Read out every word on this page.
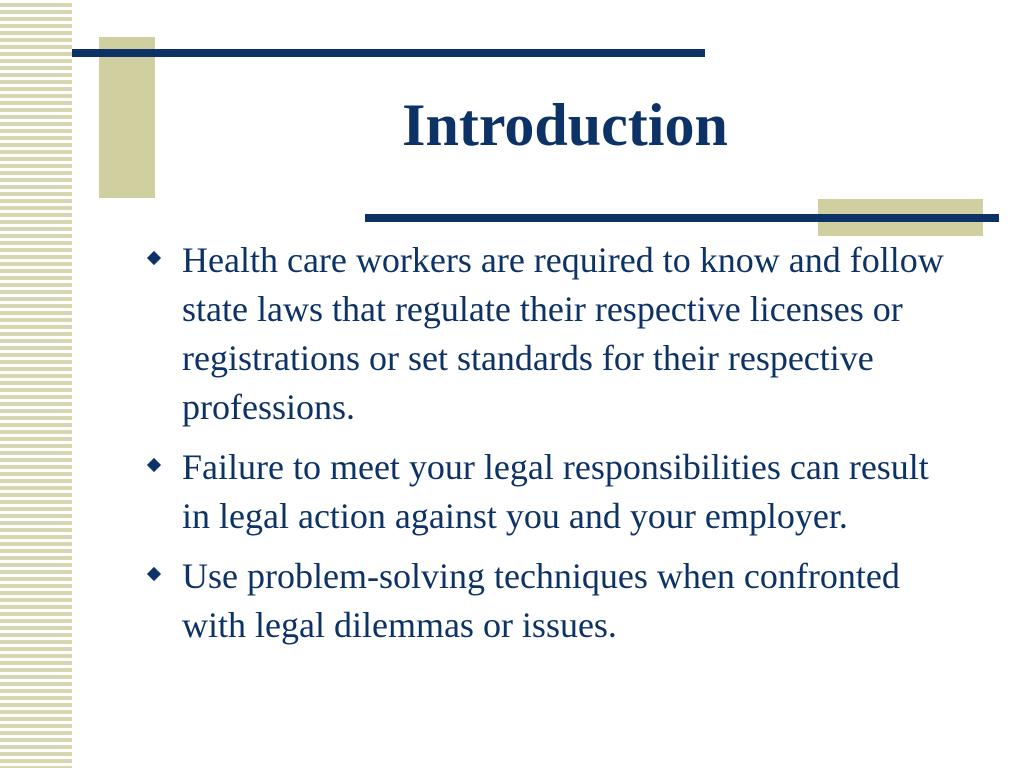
Introduction
Health care workers are required to know and follow state laws that regulate their respective licenses or registrations or set standards for their respective professions.
Failure to meet your legal responsibilities can result in legal action against you and your employer.
Use problem-solving techniques when confronted with legal dilemmas or issues.
